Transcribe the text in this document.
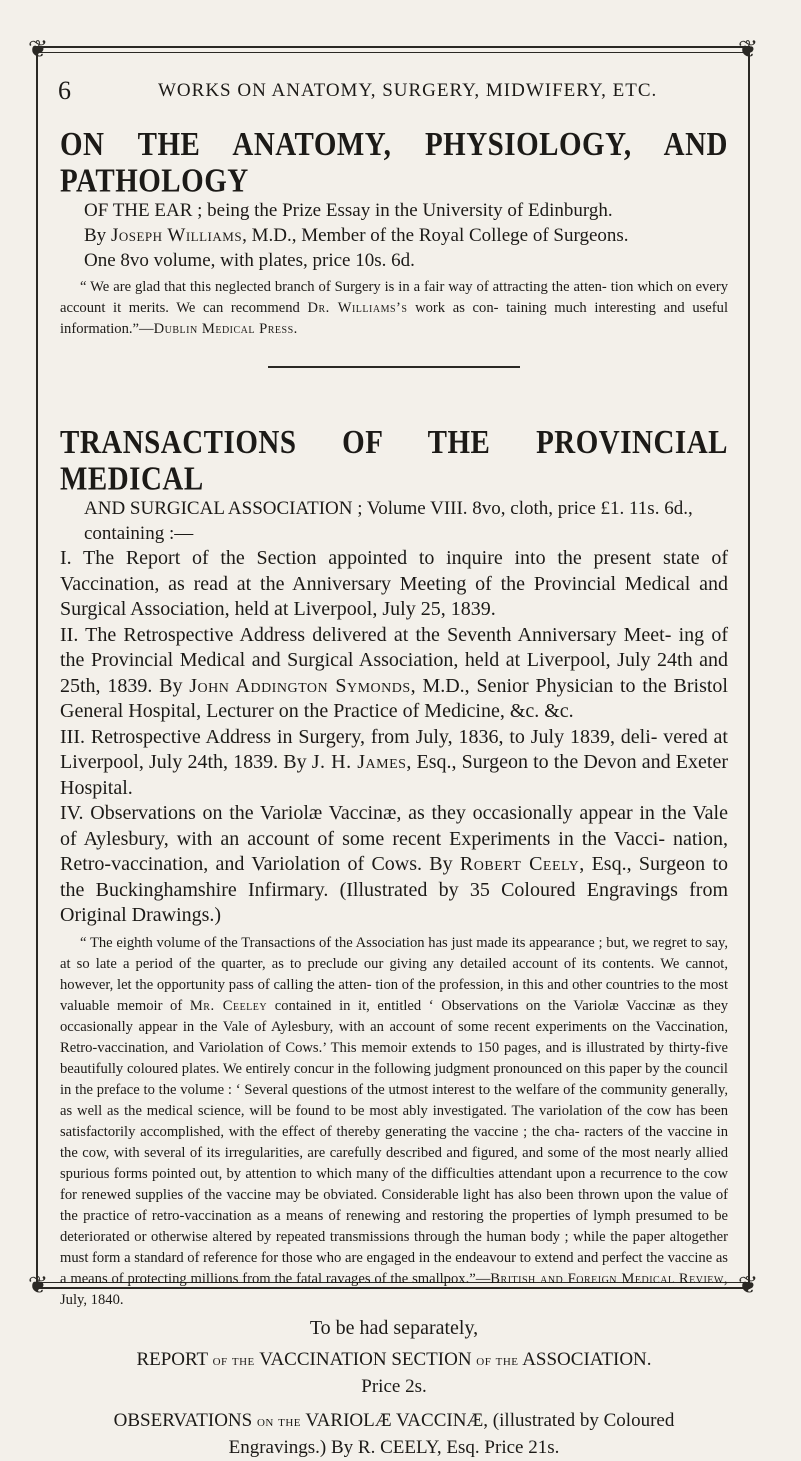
❦	❦
❦	❦
6	WORKS ON ANATOMY, SURGERY, MIDWIFERY, ETC.
ON THE ANATOMY, PHYSIOLOGY, AND PATHOLOGY

OF THE EAR ; being the Prize Essay in the University of Edinburgh.

By Joseph Williams, M.D., Member of the Royal College of Surgeons.

One 8vo volume, with plates, price 10s. 6d.

“ We are glad that this neglected branch of Surgery is in a fair way of attracting the atten- tion which on every account it merits. We can recommend Dr. Williams’s work as con- taining much interesting and useful information.”—Dublin Medical Press.

TRANSACTIONS OF THE PROVINCIAL MEDICAL

AND SURGICAL ASSOCIATION ; Volume VIII. 8vo, cloth, price £1. 11s. 6d., containing :—

I. The Report of the Section appointed to inquire into the present state of Vaccination, as read at the Anniversary Meeting of the Provincial Medical and Surgical Association, held at Liverpool, July 25, 1839.

II. The Retrospective Address delivered at the Seventh Anniversary Meet- ing of the Provincial Medical and Surgical Association, held at Liverpool, July 24th and 25th, 1839. By John Addington Symonds, M.D., Senior Physician to the Bristol General Hospital, Lecturer on the Practice of Medicine, &c. &c.

III. Retrospective Address in Surgery, from July, 1836, to July 1839, deli- vered at Liverpool, July 24th, 1839. By J. H. James, Esq., Surgeon to the Devon and Exeter Hospital.

IV. Observations on the Variolæ Vaccinæ, as they occasionally appear in the Vale of Aylesbury, with an account of some recent Experiments in the Vacci- nation, Retro-vaccination, and Variolation of Cows. By Robert Ceely, Esq., Surgeon to the Buckinghamshire Infirmary. (Illustrated by 35 Coloured Engravings from Original Drawings.)

“ The eighth volume of the Transactions of the Association has just made its appearance ; but, we regret to say, at so late a period of the quarter, as to preclude our giving any detailed account of its contents. We cannot, however, let the opportunity pass of calling the atten- tion of the profession, in this and other countries to the most valuable memoir of Mr. Ceeley contained in it, entitled ‘ Observations on the Variolæ Vaccinæ as they occasionally appear in the Vale of Aylesbury, with an account of some recent experiments on the Vaccination, Retro-vaccination, and Variolation of Cows.’ This memoir extends to 150 pages, and is illustrated by thirty-five beautifully coloured plates. We entirely concur in the following judgment pronounced on this paper by the council in the preface to the volume : ‘ Several questions of the utmost interest to the welfare of the community generally, as well as the medical science, will be found to be most ably investigated. The variolation of the cow has been satisfactorily accomplished, with the effect of thereby generating the vaccine ; the cha- racters of the vaccine in the cow, with several of its irregularities, are carefully described and figured, and some of the most nearly allied spurious forms pointed out, by attention to which many of the difficulties attendant upon a recurrence to the cow for renewed supplies of the vaccine may be obviated. Considerable light has also been thrown upon the value of the practice of retro-vaccination as a means of renewing and restoring the properties of lymph presumed to be deteriorated or otherwise altered by repeated transmissions through the human body ; while the paper altogether must form a standard of reference for those who are engaged in the endeavour to extend and perfect the vaccine as a means of protecting millions from the fatal ravages of the smallpox.”—British and Foreign Medical Review, July, 1840.

To be had separately,

REPORT of the VACCINATION SECTION of the ASSOCIATION.

Price 2s.

OBSERVATIONS on the VARIOLÆ VACCINÆ, (illustrated by Coloured

Engravings.) By R. CEELY, Esq. Price 21s.
